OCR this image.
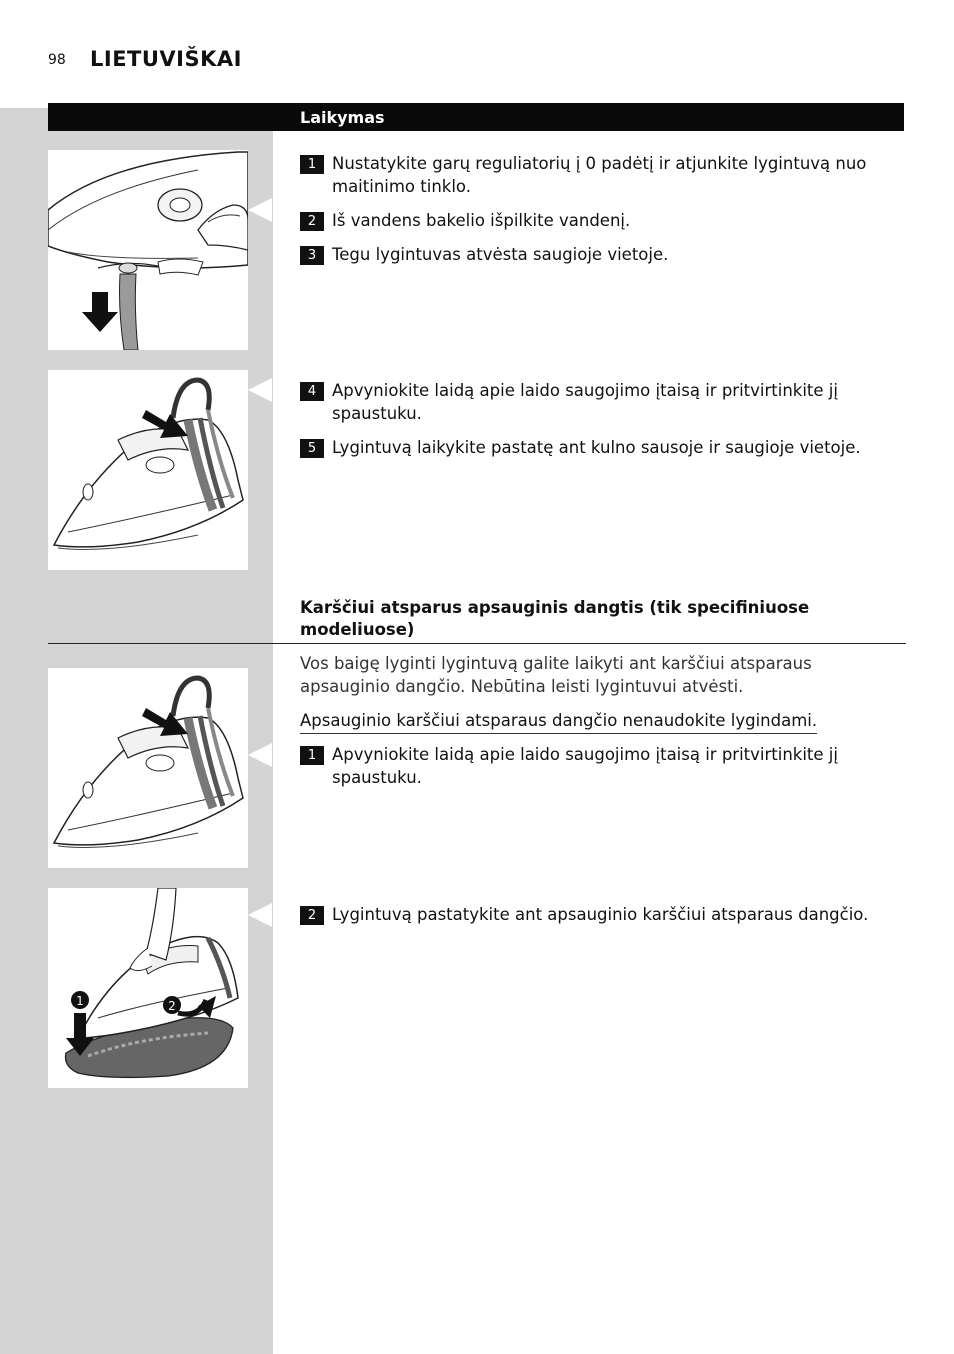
98 LIETUVIŠKAI
Laikymas
1	2
1 Nustatykite garų reguliatorių į 0 padėtį ir atjunkite lygintuvą nuo maitinimo tinklo.
2 Iš vandens bakelio išpilkite vandenį.
3 Tegu lygintuvas atvėsta saugioje vietoje.
4 Apvyniokite laidą apie laido saugojimo įtaisą ir pritvirtinkite jį spaustuku.
5 Lygintuvą laikykite pastatę ant kulno sausoje ir saugioje vietoje.
Karščiui atsparus apsauginis dangtis (tik specifiniuose modeliuose)
Vos baigę lyginti lygintuvą galite laikyti ant karščiui atsparaus apsauginio dangčio. Nebūtina leisti lygintuvui atvėsti.
Apsauginio karščiui atsparaus dangčio nenaudokite lygindami.
1 Apvyniokite laidą apie laido saugojimo įtaisą ir pritvirtinkite jį spaustuku.
2 Lygintuvą pastatykite ant apsauginio karščiui atsparaus dangčio.
